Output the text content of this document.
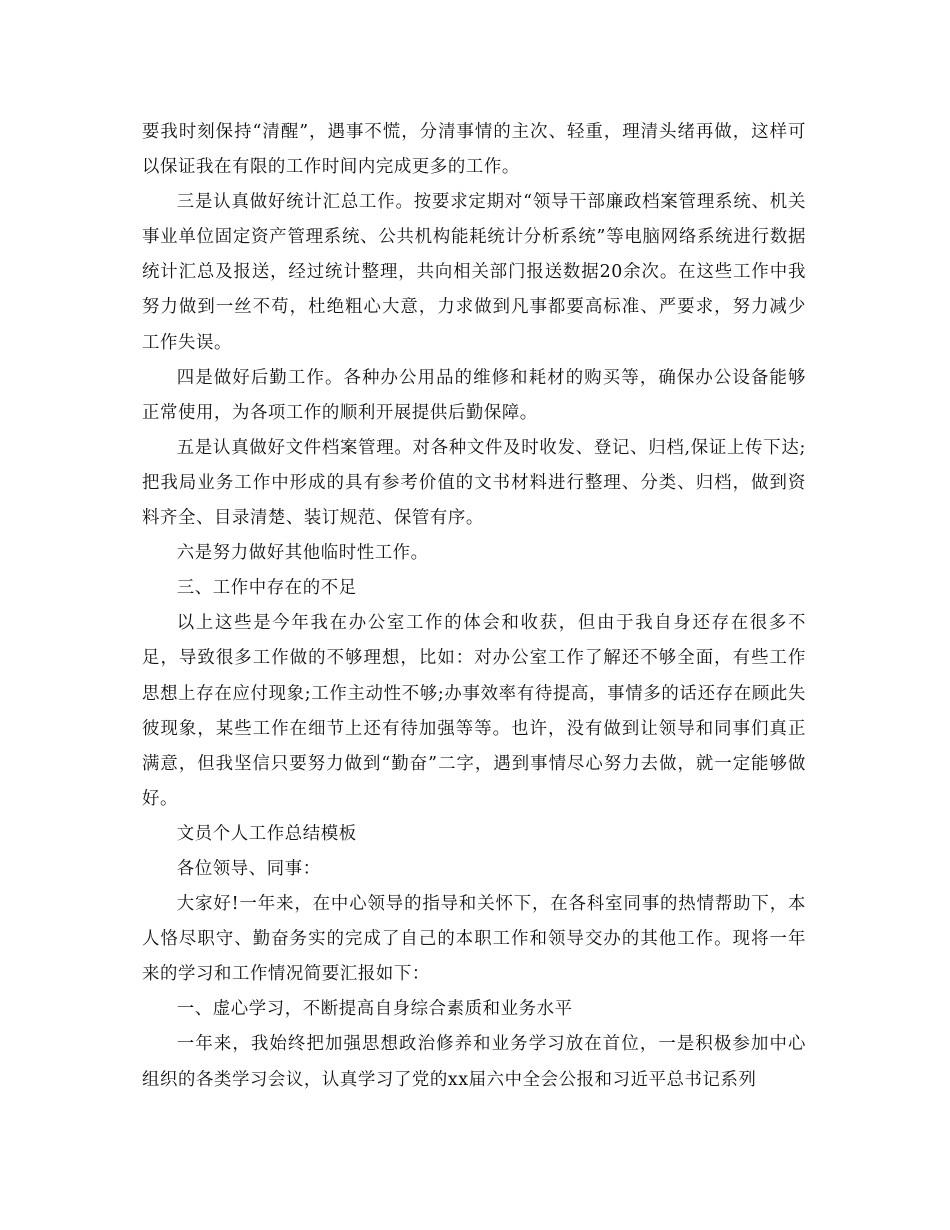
要我时刻保持“清醒”，遇事不慌，分清事情的主次、轻重，理清头绪再做，这样可以保证我在有限的工作时间内完成更多的工作。

三是认真做好统计汇总工作。按要求定期对“领导干部廉政档案管理系统、机关事业单位固定资产管理系统、公共机构能耗统计分析系统”等电脑网络系统进行数据统计汇总及报送，经过统计整理，共向相关部门报送数据20余次。在这些工作中我努力做到一丝不苟，杜绝粗心大意，力求做到凡事都要高标准、严要求，努力减少工作失误。

四是做好后勤工作。各种办公用品的维修和耗材的购买等，确保办公设备能够正常使用，为各项工作的顺利开展提供后勤保障。

五是认真做好文件档案管理。对各种文件及时收发、登记、归档,保证上传下达;把我局业务工作中形成的具有参考价值的文书材料进行整理、分类、归档，做到资料齐全、目录清楚、装订规范、保管有序。

六是努力做好其他临时性工作。

三、工作中存在的不足

以上这些是今年我在办公室工作的体会和收获，但由于我自身还存在很多不足，导致很多工作做的不够理想，比如：对办公室工作了解还不够全面，有些工作思想上存在应付现象;工作主动性不够;办事效率有待提高，事情多的话还存在顾此失彼现象，某些工作在细节上还有待加强等等。也许，没有做到让领导和同事们真正满意，但我坚信只要努力做到“勤奋”二字，遇到事情尽心努力去做，就一定能够做好。

文员个人工作总结模板

各位领导、同事：

大家好!一年来，在中心领导的指导和关怀下，在各科室同事的热情帮助下，本人恪尽职守、勤奋务实的完成了自己的本职工作和领导交办的其他工作。现将一年来的学习和工作情况简要汇报如下：

一、虚心学习，不断提高自身综合素质和业务水平

一年来，我始终把加强思想政治修养和业务学习放在首位，一是积极参加中心组织的各类学习会议，认真学习了党的xx届六中全会公报和习近平总书记系列
